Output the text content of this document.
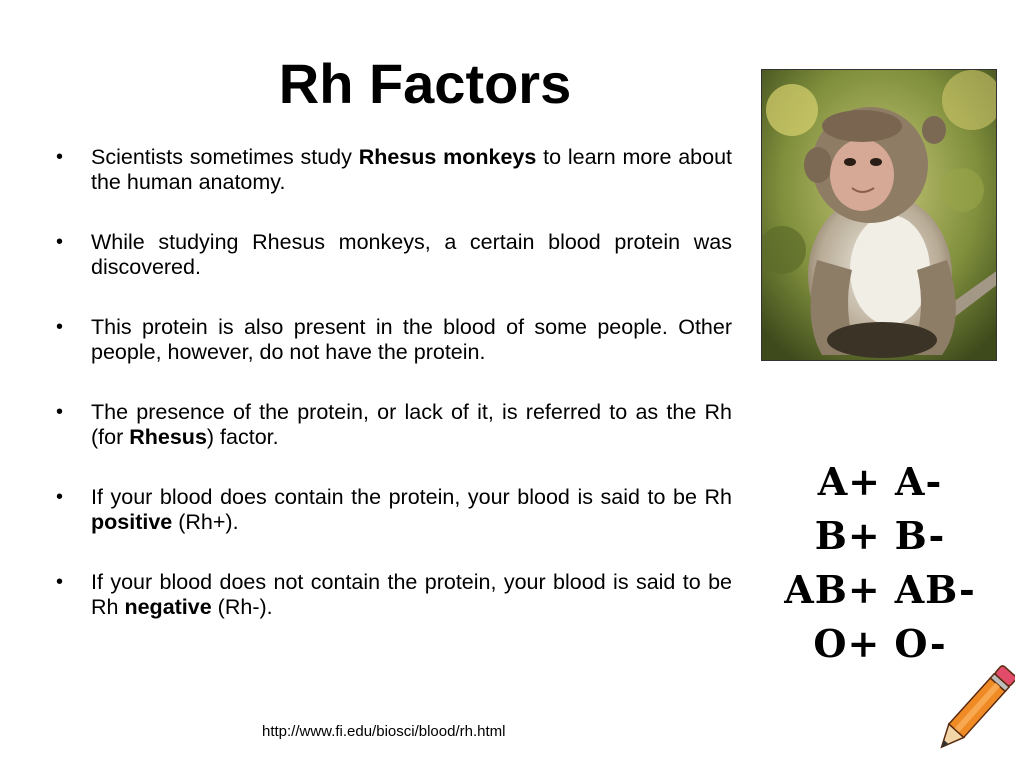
Rh Factors
• Scientists sometimes study Rhesus monkeys to learn more about the human anatomy.
• While studying Rhesus monkeys, a certain blood protein was discovered.
• This protein is also present in the blood of some people. Other people, however, do not have the protein.
• The presence of the protein, or lack of it, is referred to as the Rh (for Rhesus) factor.
• If your blood does contain the protein, your blood is said to be Rh positive (Rh+).
• If your blood does not contain the protein, your blood is said to be Rh negative (Rh-).
A+ A-
B+ B-
AB+ AB-
O+ O-
http://www.fi.edu/biosci/blood/rh.html
